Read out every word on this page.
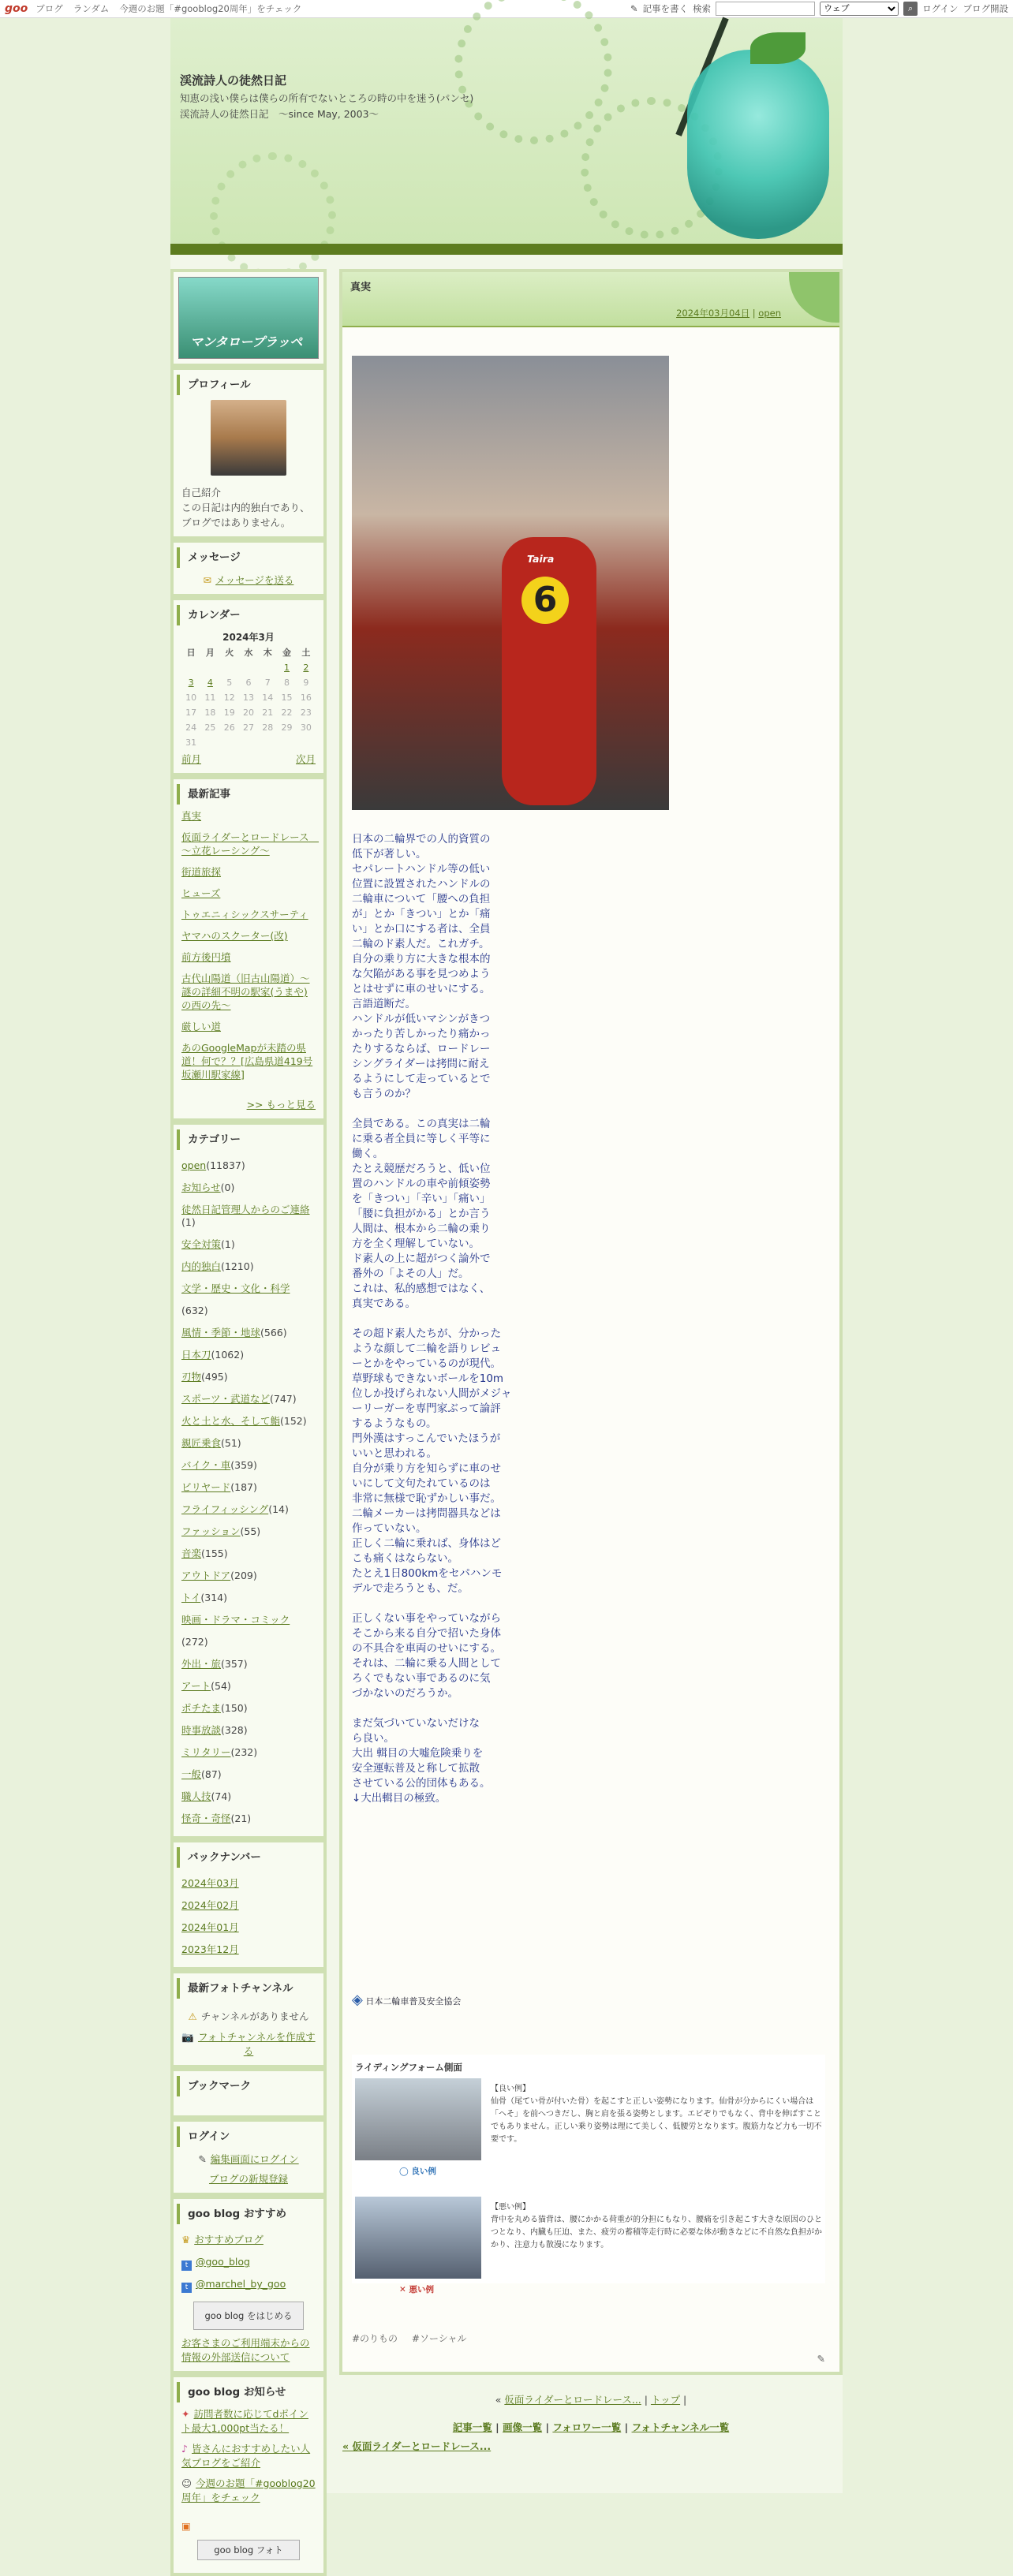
goo ブログ ランダム 今週のお題「#gooblog20周年」をチェック	✎ 記事を書く 検索
ウェブ	⌕	ログイン ブログ開設
渓流詩人の徒然日記
知恵の浅い僕らは僕らの所有でないところの時の中を迷う(パンセ)　渓流詩人の徒然日記　～since May, 2003～
マンタロープラッペ
プロフィール
自己紹介
この日記は内的独白であり、ブログではありません。
メッセージ
✉ メッセージを送る
カレンダー
2024年3月						
日	月	火	水	木	金	土
					1	2
3	4	5	6	7	8	9
10	11	12	13	14	15	16
17	18	19	20	21	22	23
24	25	26	27	28	29	30
31						
前月	次月
最新記事
真実
仮面ライダーとロードレース　～立花レーシング～
街道旅探
ヒューズ
トゥエニィシックスサーティ
ヤマハのスクーター(改)
前方後円墳
古代山陽道（旧古山陽道）～謎の詳細不明の駅家(うまや)の西の先～
厳しい道
あのGoogleMapが未踏の県道！何で？？[広島県道419号坂瀬川駅家線]
>> もっと見る
カテゴリー
open(11837)
お知らせ(0)
徒然日記管理人からのご連絡(1)
安全対策(1)
内的独白(1210)
文学・歴史・文化・科学(632)
風情・季節・地球(566)
日本刀(1062)
刃物(495)
スポーツ・武道など(747)
火と土と水、そして鮨(152)
親匠乗食(51)
バイク・車(359)
ビリヤード(187)
フライフィッシング(14)
ファッション(55)
音楽(155)
アウトドア(209)
トイ(314)
映画・ドラマ・コミック(272)
外出・旅(357)
アート(54)
ポチたま(150)
時事放談(328)
ミリタリー(232)
一般(87)
職人技(74)
怪奇・奇怪(21)
バックナンバー
2024年03月
2024年02月
2024年01月
2023年12月
最新フォトチャンネル
⚠ チャンネルがありません
📷 フォトチャンネルを作成する
ブックマーク
ログイン
✎ 編集画面にログイン
ブログの新規登録
goo blog おすすめ
♛ おすすめブログ
t @goo_blog
t @marchel_by_goo
goo blog をはじめる
お客さまのご利用端末からの情報の外部送信について
goo blog お知らせ
✦ 訪問者数に応じてdポイント最大1,000pt当たる！
♪ 皆さんにおすすめしたい人気ブログをご紹介
☺ 今週のお題「#gooblog20周年」をチェック
▣
goo blog フォト
真実
2024年03月04日 | open
6
Taira
日本の二輪界での人的資質の
低下が著しい。
セパレートハンドル等の低い
位置に設置されたハンドルの
二輪車について「腰への負担
が」とか「きつい」とか「痛
い」とか口にする者は、全員
二輪のド素人だ。これガチ。
自分の乗り方に大きな根本的
な欠陥がある事を見つめよう
とはせずに車のせいにする。
言語道断だ。
ハンドルが低いマシンがきつ
かったり苦しかったり痛かっ
たりするならば、ロードレー
シングライダーは拷問に耐え
るようにして走っているとで
も言うのか？

全員である。この真実は二輪
に乗る者全員に等しく平等に
働く。
たとえ競歴だろうと、低い位
置のハンドルの車や前傾姿勢
を「きつい」「辛い」「痛い」
「腰に負担がかる」とか言う
人間は、根本から二輪の乗り
方を全く理解していない。
ド素人の上に超がつく論外で
番外の「よその人」だ。
これは、私的感想ではなく、
真実である。

その超ド素人たちが、分かった
ような顔して二輪を語りレビュ
ーとかをやっているのが現代。
草野球もできないボールを10m
位しか投げられない人間がメジャ
ーリーガーを専門家ぶって論評
するようなもの。
門外漢はすっこんでいたほうが
いいと思われる。
自分が乗り方を知らずに車のせ
いにして文句たれているのは
非常に無様で恥ずかしい事だ。
二輪メーカーは拷問器具などは
作っていない。
正しく二輪に乗れば、身体はど
こも痛くはならない。
たとえ1日800kmをセパハンモ
デルで走ろうとも、だ。

正しくない事をやっていながら
そこから来る自分で招いた身体
の不具合を車両のせいにする。
それは、二輪に乗る人間として
ろくでもない事であるのに気
づかないのだろうか。

まだ気づいていないだけな
ら良い。
大出 輯目の大嘘危険乗りを
安全運転普及と称して拡散
させている公的団体もある。
↓大出輯目の極致。
◈ 日本二輪車普及安全協会
ライディングフォーム側面
◯ 良い例
【良い例】
仙骨（尾てい骨が付いた骨）を起こすと正しい姿勢になります。仙骨が分からにくい場合は「ヘそ」を前へつきだし、胸と肩を張る姿勢とします。エビぞりでもなく、背中を伸ばすことでもありません。正しい乗り姿勢は理にて美しく、低腰労となります。腹筋力など力も一切不要です。
✕ 悪い例
【悪い例】
背中を丸める猫背は、腰にかかる荷重が的分担にもなり、腰痛を引き起こす大きな原因のひとつとなり、内臓も圧迫、また、疲労の蓄積等走行時に必要な体が動きなどに不自然な負担がかかり、注意力も散漫になります。
#のりもの #ソーシャル
✎
« 仮面ライダーとロードレース... | トップ |
記事一覧 | 画像一覧 | フォロワー一覧 | フォトチャンネル一覧
« 仮面ライダーとロードレース...
